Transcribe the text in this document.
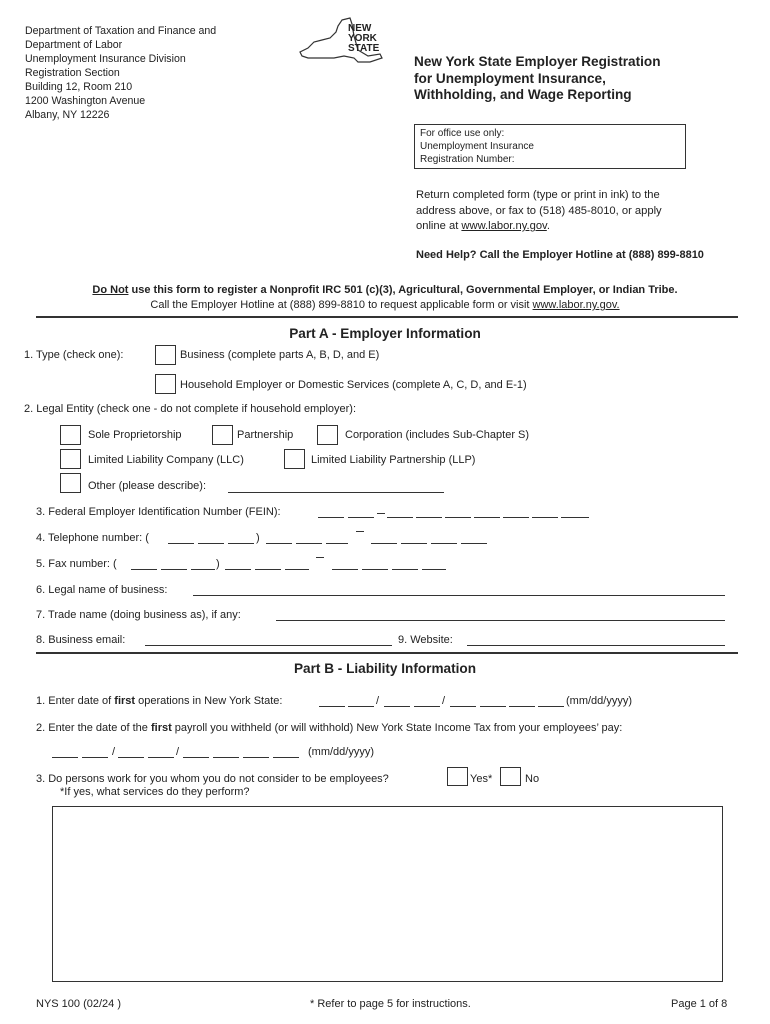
Department of Taxation and Finance and
Department of Labor
Unemployment Insurance Division
Registration Section
Building 12, Room 210
1200 Washington Avenue
Albany, NY 12226
NEW
YORK
STATE
New York State Employer Registration
for Unemployment Insurance,
Withholding, and Wage Reporting
For office use only:
Unemployment Insurance
Registration Number:
Return completed form (type or print in ink) to the
address above, or fax to (518) 485-8010, or apply
online at www.labor.ny.gov.
Need Help? Call the Employer Hotline at (888) 899-8810
Do Not use this form to register a Nonprofit IRC 501 (c)(3), Agricultural, Governmental Employer, or Indian Tribe.
Call the Employer Hotline at (888) 899-8810 to request applicable form or visit www.labor.ny.gov.
Part A - Employer Information
1. Type (check one):	Business (complete parts A, B, D, and E)
Household Employer or Domestic Services (complete A, C, D, and E-1)
2. Legal Entity (check one - do not complete if household employer):
Sole Proprietorship	Partnership	Corporation (includes Sub-Chapter S)
Limited Liability Company (LLC)	Limited Liability Partnership (LLP)
Other (please describe):
3. Federal Employer Identification Number (FEIN):
4. Telephone number: (	)
5. Fax number: (	)
6. Legal name of business:
7. Trade name (doing business as), if any:
8. Business email:	9. Website:
Part B - Liability Information
1. Enter date of first operations in New York State:	/	/	(mm/dd/yyyy)
2. Enter the date of the first payroll you withheld (or will withhold) New York State Income Tax from your employees’ pay:
/	/	(mm/dd/yyyy)
3. Do persons work for you whom you do not consider to be employees?	Yes*	No
*If yes, what services do they perform?
NYS 100 (02/24 )	* Refer to page 5 for instructions.	Page 1 of 8
